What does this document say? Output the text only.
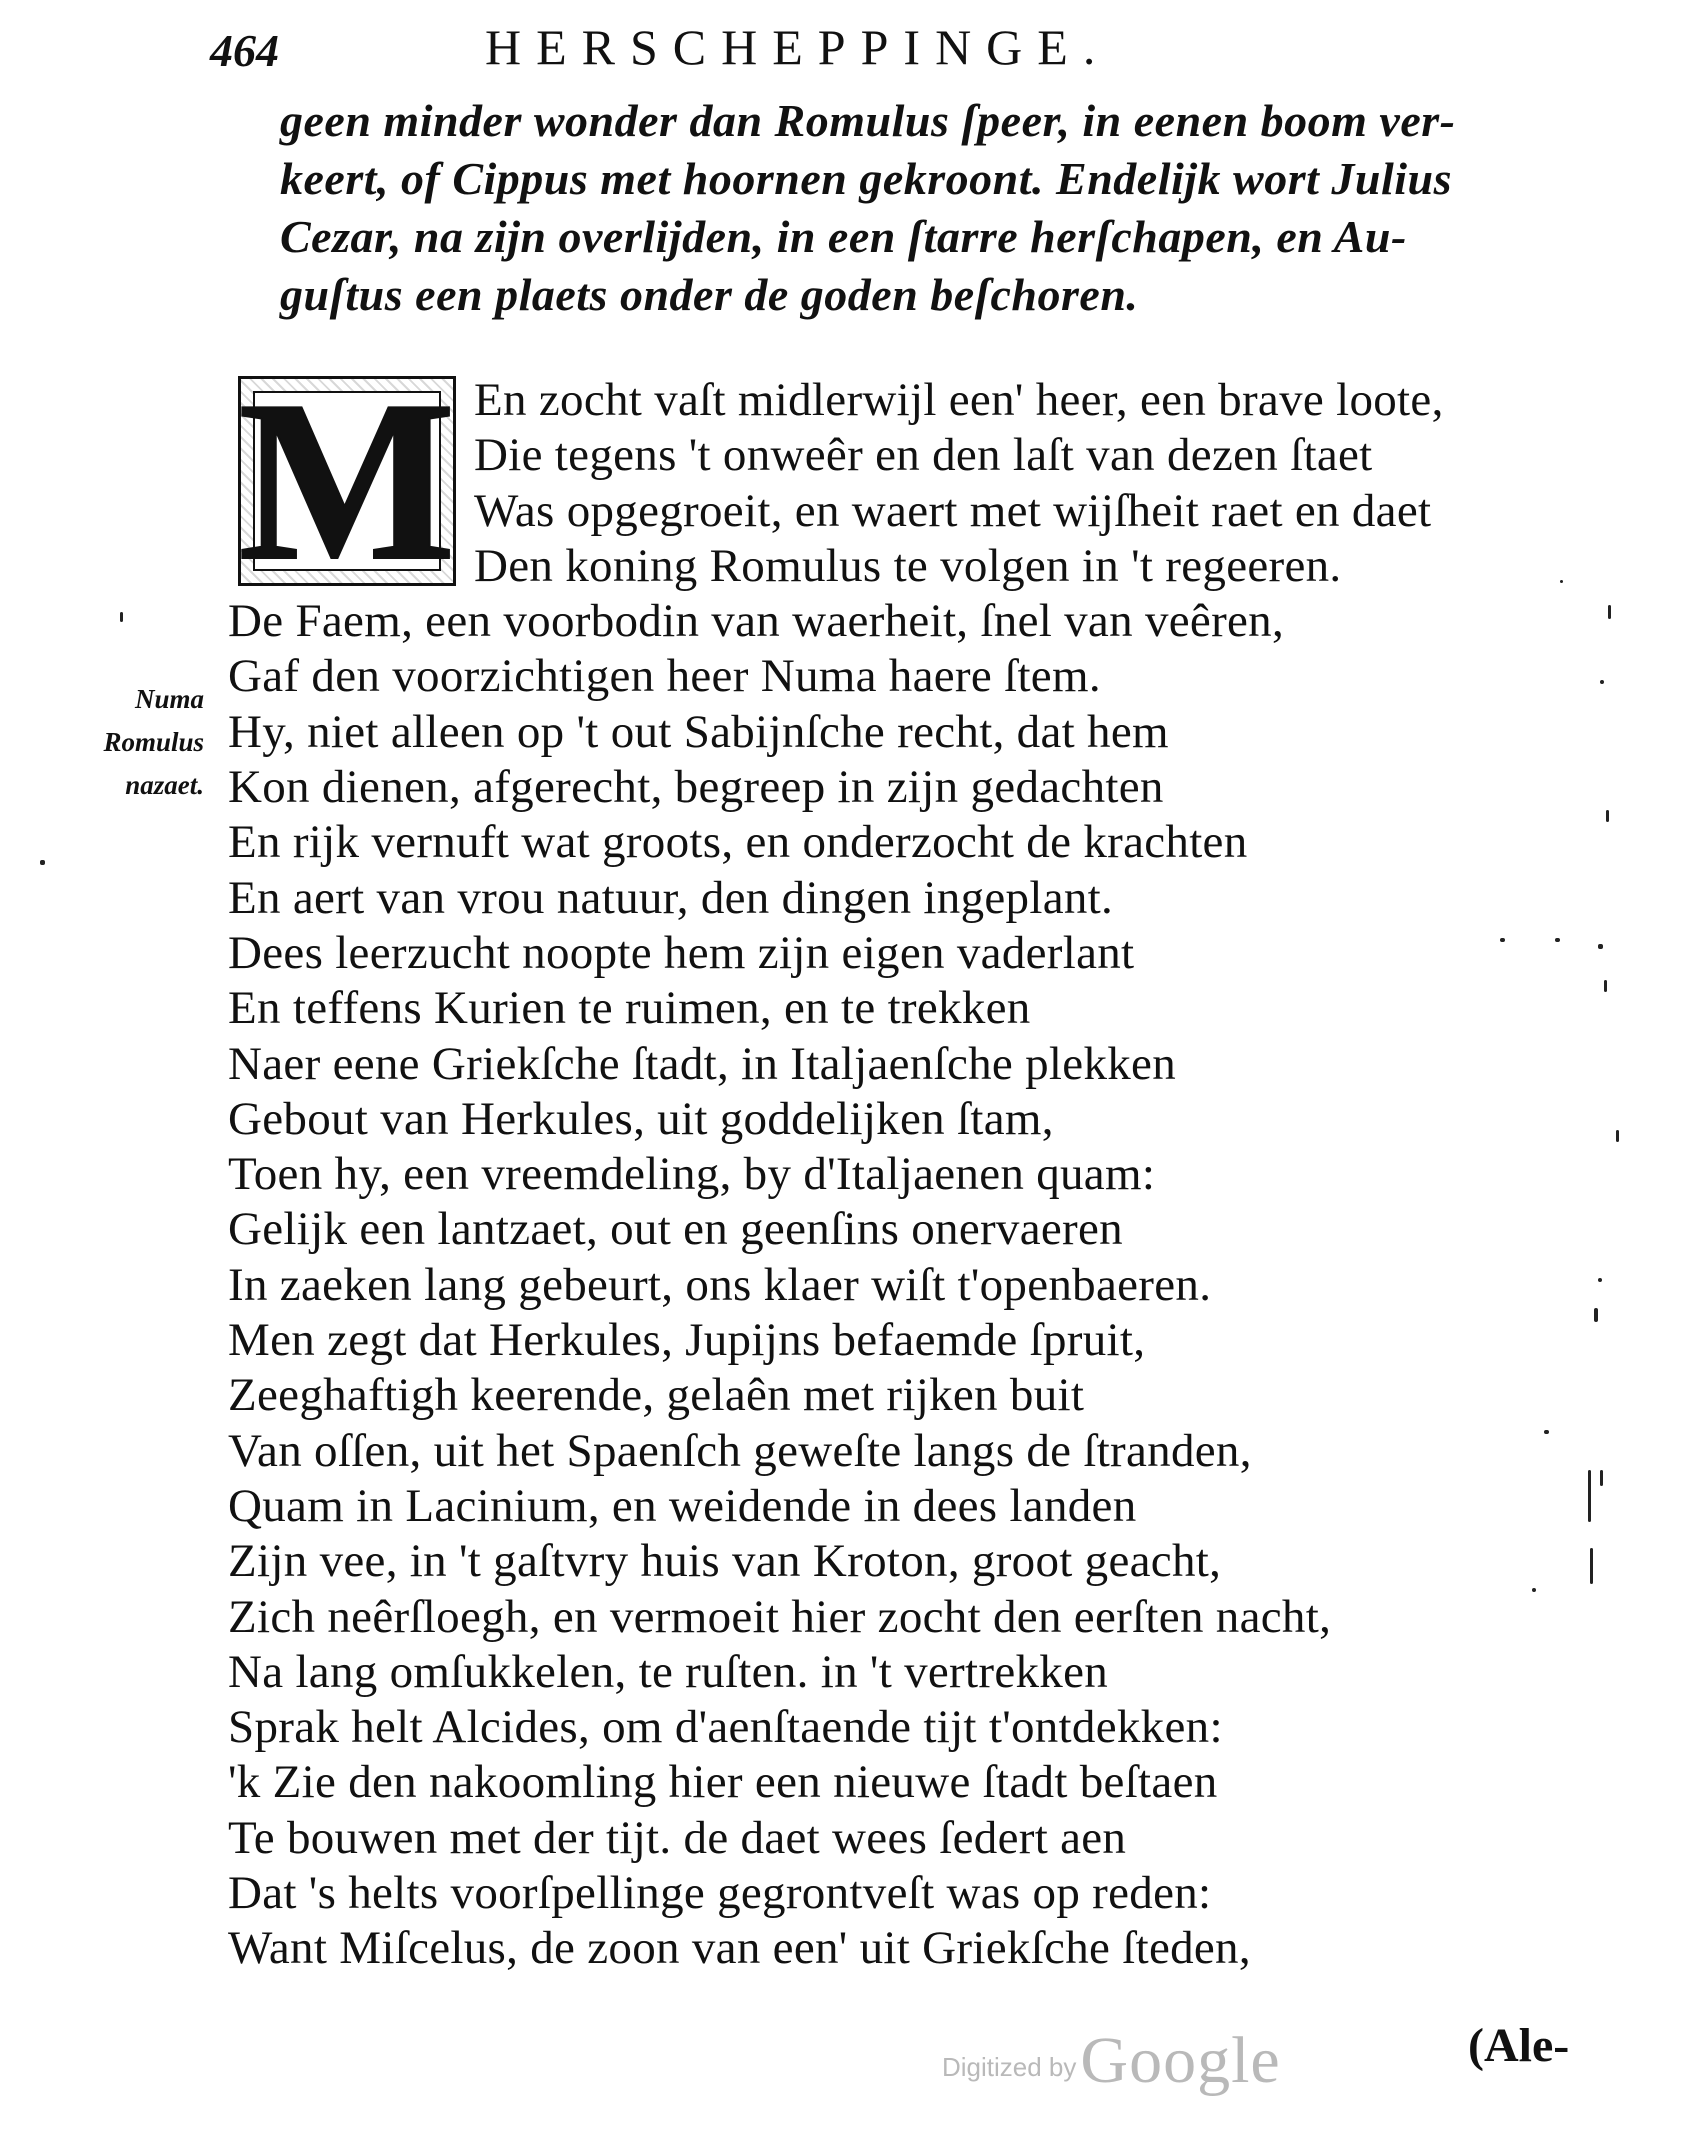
464	HERSCHEPPINGE.
geen minder wonder dan Romulus ſpeer, in eenen boom ver-
keert, of Cippus met hoornen gekroont. Endelijk wort Julius
Cezar, na zijn overlijden, in een ſtarre herſchapen, en Au-
guſtus een plaets onder de goden beſchoren.
M En zocht vaſt midlerwijl een' heer, een brave loote,
Die tegens 't onweêr en den laſt van dezen ſtaet
Was opgegroeit, en waert met wijſheit raet en daet
Den koning Romulus te volgen in 't regeeren.
De Faem, een voorbodin van waerheit, ſnel van veêren,
Gaf den voorzichtigen heer Numa haere ſtem.
Hy, niet alleen op 't out Sabijnſche recht, dat hem
Kon dienen, afgerecht, begreep in zijn gedachten
En rijk vernuft wat groots, en onderzocht de krachten
En aert van vrou natuur, den dingen ingeplant.
Dees leerzucht noopte hem zijn eigen vaderlant
En teffens Kurien te ruimen, en te trekken
Naer eene Griekſche ſtadt, in Italjaenſche plekken
Gebout van Herkules, uit goddelijken ſtam,
Toen hy, een vreemdeling, by d'Italjaenen quam:
Gelijk een lantzaet, out en geenſins onervaeren
In zaeken lang gebeurt, ons klaer wiſt t'openbaeren.
Men zegt dat Herkules, Jupijns befaemde ſpruit,
Zeeghaftigh keerende, gelaên met rijken buit
Van oſſen, uit het Spaenſch geweſte langs de ſtranden,
Quam in Lacinium, en weidende in dees landen
Zijn vee, in 't gaſtvry huis van Kroton, groot geacht,
Zich neêrſloegh, en vermoeit hier zocht den eerſten nacht,
Na lang omſukkelen, te ruſten. in 't vertrekken
Sprak helt Alcides, om d'aenſtaende tijt t'ontdekken:
'k Zie den nakoomling hier een nieuwe ſtadt beſtaen
Te bouwen met der tijt. de daet wees ſedert aen
Dat 's helts voorſpellinge gegrontveſt was op reden:
Want Miſcelus, de zoon van een' uit Griekſche ſteden,
Numa
Romulus
nazaet.
Digitized by Google	(Ale-
